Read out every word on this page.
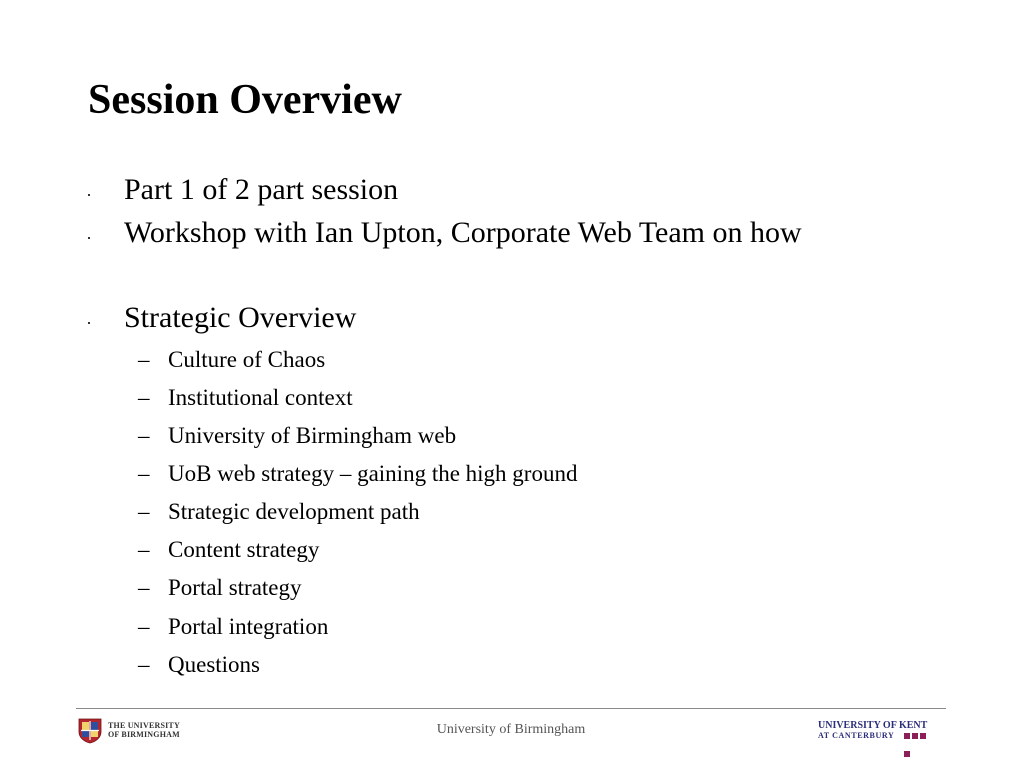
Session Overview
Part 1 of 2 part session
Workshop with Ian Upton, Corporate Web Team on how
Strategic Overview
– Culture of Chaos
– Institutional context
– University of Birmingham web
– UoB web strategy – gaining the high ground
– Strategic development path
– Content strategy
– Portal strategy
– Portal integration
– Questions
THE UNIVERSITY
OF BIRMINGHAM	University of Birmingham	UNIVERSITY OF KENT
AT CANTERBURY
